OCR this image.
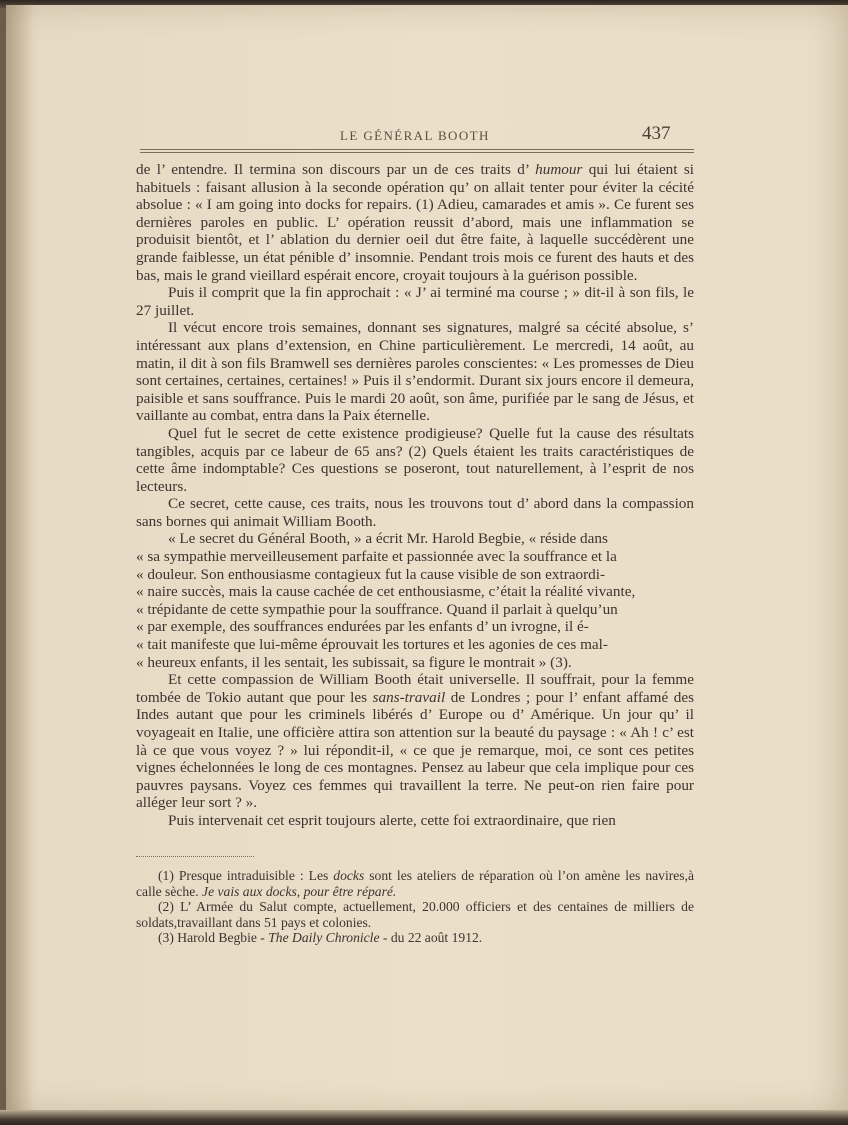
LE GÉNÉRAL BOOTH	437

de l’ entendre. Il termina son discours par un de ces traits d’ humour qui lui étaient si habituels : faisant allusion à la seconde opération qu’ on allait tenter pour éviter la cécité absolue : « I am going into docks for repairs. (1) Adieu, camarades et amis ». Ce furent ses dernières paroles en public. L’ opération reussit d’abord, mais une inflammation se produisit bientôt, et l’ ablation du dernier oeil dut être faite, à laquelle succédèrent une grande faiblesse, un état pénible d’ insomnie. Pendant trois mois ce furent des hauts et des bas, mais le grand vieillard espérait encore, croyait toujours à la guérison possible.

Puis il comprit que la fin approchait : « J’ ai terminé ma course ; » dit-il à son fils, le 27 juillet.

Il vécut encore trois semaines, donnant ses signatures, malgré sa cécité absolue, s’ intéressant aux plans d’extension, en Chine particulièrement. Le mercredi, 14 août, au matin, il dit à son fils Bramwell ses dernières paroles conscientes: « Les promesses de Dieu sont certaines, certaines, certaines! » Puis il s’endormit. Durant six jours encore il demeura, paisible et sans souffrance. Puis le mardi 20 août, son âme, purifiée par le sang de Jésus, et vaillante au combat, entra dans la Paix éternelle.

Quel fut le secret de cette existence prodigieuse? Quelle fut la cause des résultats tangibles, acquis par ce labeur de 65 ans? (2) Quels étaient les traits caractéristiques de cette âme indomptable? Ces questions se poseront, tout naturellement, à l’esprit de nos lecteurs.

Ce secret, cette cause, ces traits, nous les trouvons tout d’ abord dans la compassion sans bornes qui animait William Booth.

« Le secret du Général Booth, » a écrit Mr. Harold Begbie, « réside dans
« sa sympathie merveilleusement parfaite et passionnée avec la souffrance et la
« douleur. Son enthousiasme contagieux fut la cause visible de son extraordi-
« naire succès, mais la cause cachée de cet enthousiasme, c’était la réalité vivante,
« trépidante de cette sympathie pour la souffrance. Quand il parlait à quelqu’un
« par exemple, des souffrances endurées par les enfants d’ un ivrogne, il é-
« tait manifeste que lui-même éprouvait les tortures et les agonies de ces mal-
« heureux enfants, il les sentait, les subissait, sa figure le montrait » (3).

Et cette compassion de William Booth était universelle. Il souffrait, pour la femme tombée de Tokio autant que pour les sans-travail de Londres ; pour l’ enfant affamé des Indes autant que pour les criminels libérés d’ Europe ou d’ Amérique. Un jour qu’ il voyageait en Italie, une officière attira son attention sur la beauté du paysage : « Ah ! c’ est là ce que vous voyez ? » lui répondit-il, « ce que je remarque, moi, ce sont ces petites vignes échelonnées le long de ces montagnes. Pensez au labeur que cela implique pour ces pauvres paysans. Voyez ces femmes qui travaillent la terre. Ne peut-on rien faire pour alléger leur sort ? ».

Puis intervenait cet esprit toujours alerte, cette foi extraordinaire, que rien

(1) Presque intraduisible : Les docks sont les ateliers de réparation où l’on amène les navires,à calle sèche. Je vais aux docks, pour être réparé.

(2) L’ Armée du Salut compte, actuellement, 20.000 officiers et des centaines de milliers de soldats,travaillant dans 51 pays et colonies.

(3) Harold Begbie - The Daily Chronicle - du 22 août 1912.
